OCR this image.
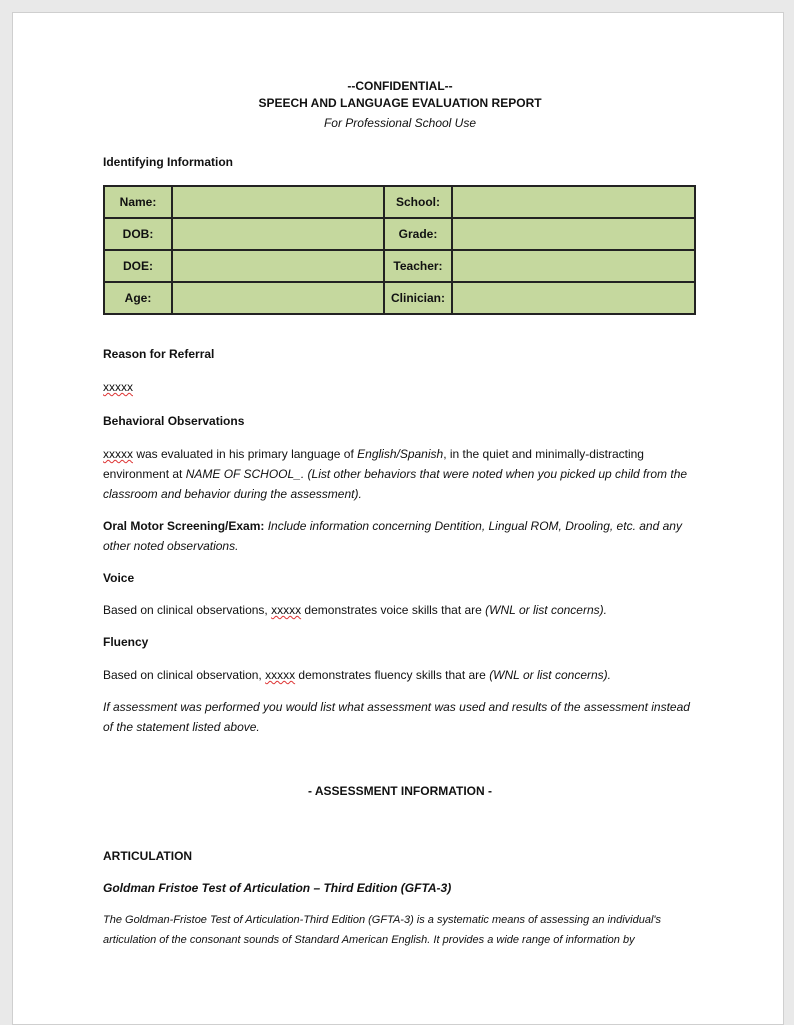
--CONFIDENTIAL--
SPEECH AND LANGUAGE EVALUATION REPORT
For Professional School Use
Identifying Information
Name:		School:	
DOB:		Grade:	
DOE:		Teacher:	
Age:		Clinician:	
Reason for Referral
xxxxx
Behavioral Observations
xxxxx was evaluated in his primary language of English/Spanish, in the quiet and minimally-distracting environment at NAME OF SCHOOL_. (List other behaviors that were noted when you picked up child from the classroom and behavior during the assessment).
Oral Motor Screening/Exam: Include information concerning Dentition, Lingual ROM, Drooling, etc. and any other noted observations.
Voice
Based on clinical observations, xxxxx demonstrates voice skills that are (WNL or list concerns).
Fluency
Based on clinical observation, xxxxx demonstrates fluency skills that are (WNL or list concerns).
If assessment was performed you would list what assessment was used and results of the assessment instead of the statement listed above.
- ASSESSMENT INFORMATION -
ARTICULATION
Goldman Fristoe Test of Articulation – Third Edition (GFTA-3)
The Goldman-Fristoe Test of Articulation-Third Edition (GFTA-3) is a systematic means of assessing an individual's articulation of the consonant sounds of Standard American English. It provides a wide range of information by
